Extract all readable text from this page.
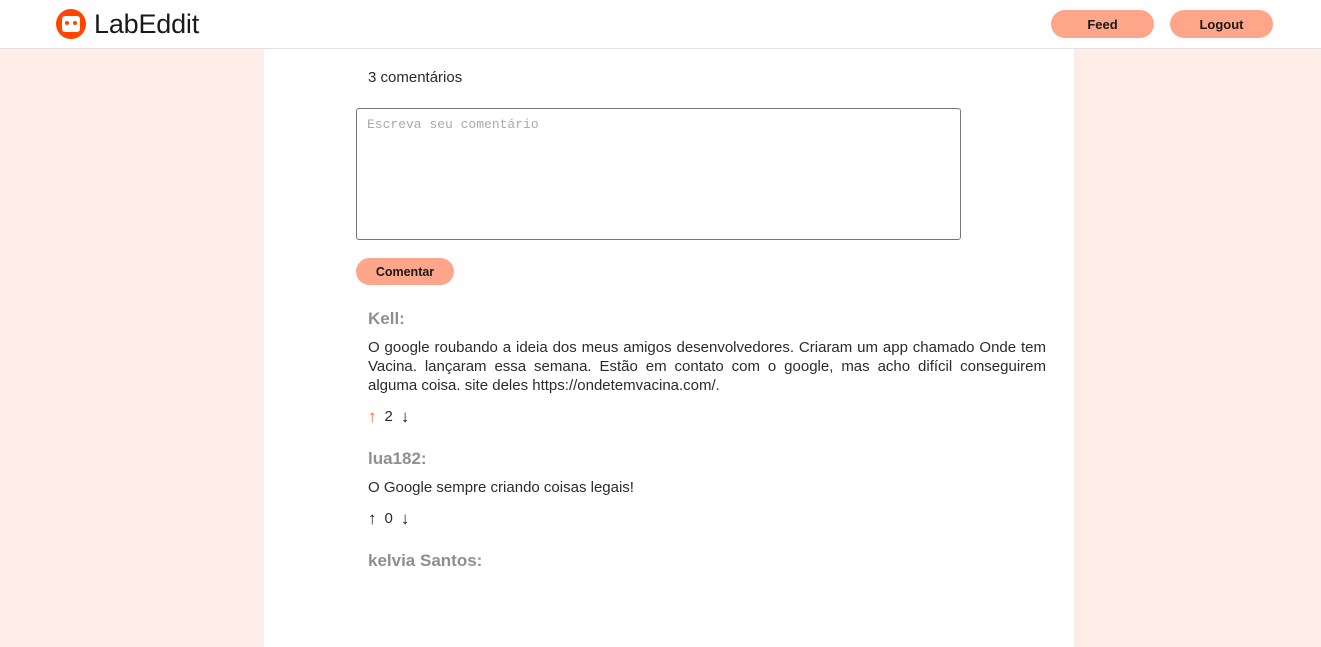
LabEddit	Feed	Logout
3 comentários
Escreva seu comentário
Comentar
Kell:

O google roubando a ideia dos meus amigos desenvolvedores. Criaram um app chamado Onde tem Vacina. lançaram essa semana. Estão em contato com o google, mas acho difícil conseguirem alguma coisa. site deles https://ondetemvacina.com/.

↑ 2 ↓
lua182:

O Google sempre criando coisas legais!

↑ 0 ↓
kelvia Santos:
